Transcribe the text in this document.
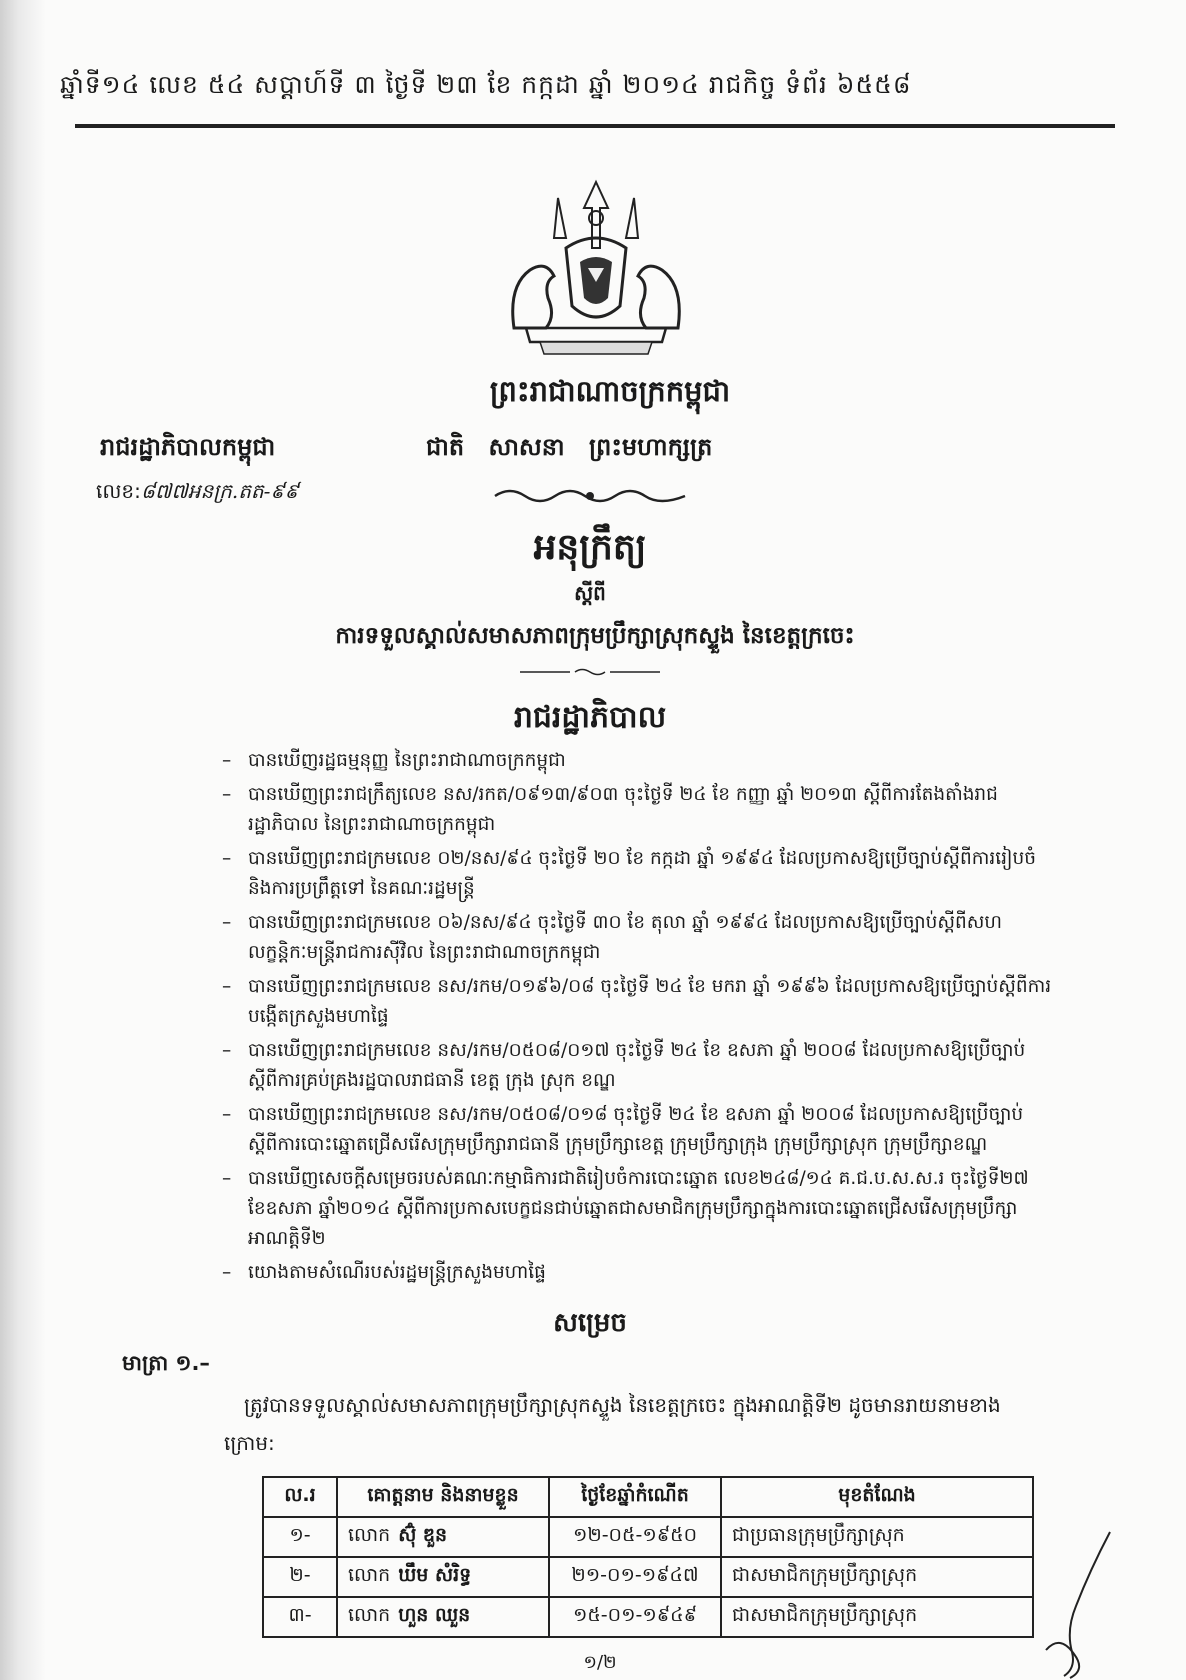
ឆ្នាំទី១៤ លេខ ៥៤ សប្តាហ៍ទី ៣ ថ្ងៃទី ២៣ ខែ កក្កដា ឆ្នាំ ២០១៤ រាជកិច្ច ទំព័រ ៦៥៥៨
ព្រះរាជាណាចក្រកម្ពុជា
រាជរដ្ឋាភិបាលកម្ពុជា	ជាតិ សាសនា ព្រះមហាក្សត្រ
លេខ:៨៧៧អនក្រ.តត-៩៩
អនុក្រឹត្យ
ស្តីពី
ការទទួលស្គាល់សមាសភាពក្រុមប្រឹក្សាស្រុកស្ទួង នៃខេត្តក្រចេះ
រាជរដ្ឋាភិបាល
– បានឃើញរដ្ឋធម្មនុញ្ញ នៃព្រះរាជាណាចក្រកម្ពុជា
– បានឃើញព្រះរាជក្រឹត្យលេខ នស/រកត/០៩១៣/៩០៣ ចុះថ្ងៃទី ២៤ ខែ កញ្ញា ឆ្នាំ ២០១៣ ស្តីពីការតែងតាំងរាជរដ្ឋាភិបាល នៃព្រះរាជាណាចក្រកម្ពុជា
– បានឃើញព្រះរាជក្រមលេខ ០២/នស/៩៤ ចុះថ្ងៃទី ២០ ខែ កក្កដា ឆ្នាំ ១៩៩៤ ដែលប្រកាសឱ្យប្រើច្បាប់ស្តីពីការរៀបចំ និងការប្រព្រឹត្តទៅ នៃគណៈរដ្ឋមន្ត្រី
– បានឃើញព្រះរាជក្រមលេខ ០៦/នស/៩៤ ចុះថ្ងៃទី ៣០ ខែ តុលា ឆ្នាំ ១៩៩៤ ដែលប្រកាសឱ្យប្រើច្បាប់ស្តីពីសហលក្ខន្តិកៈមន្ត្រីរាជការស៊ីវិល នៃព្រះរាជាណាចក្រកម្ពុជា
– បានឃើញព្រះរាជក្រមលេខ នស/រកម/០១៩៦/០៨ ចុះថ្ងៃទី ២៤ ខែ មករា ឆ្នាំ ១៩៩៦ ដែលប្រកាសឱ្យប្រើច្បាប់ស្តីពីការបង្កើតក្រសួងមហាផ្ទៃ
– បានឃើញព្រះរាជក្រមលេខ នស/រកម/០៥០៨/០១៧ ចុះថ្ងៃទី ២៤ ខែ ឧសភា ឆ្នាំ ២០០៨ ដែលប្រកាសឱ្យប្រើច្បាប់ស្តីពីការគ្រប់គ្រងរដ្ឋបាលរាជធានី ខេត្ត ក្រុង ស្រុក ខណ្ឌ
– បានឃើញព្រះរាជក្រមលេខ នស/រកម/០៥០៨/០១៨ ចុះថ្ងៃទី ២៤ ខែ ឧសភា ឆ្នាំ ២០០៨ ដែលប្រកាសឱ្យប្រើច្បាប់ស្តីពីការបោះឆ្នោតជ្រើសរើសក្រុមប្រឹក្សារាជធានី ក្រុមប្រឹក្សាខេត្ត ក្រុមប្រឹក្សាក្រុង ក្រុមប្រឹក្សាស្រុក ក្រុមប្រឹក្សាខណ្ឌ
– បានឃើញសេចក្តីសម្រេចរបស់គណៈកម្មាធិការជាតិរៀបចំការបោះឆ្នោត លេខ២៤៨/១៤ គ.ជ.ប.ស.ស.រ ចុះថ្ងៃទី២៧ ខែឧសភា ឆ្នាំ២០១៤ ស្តីពីការប្រកាសបេក្ខជនជាប់ឆ្នោតជាសមាជិកក្រុមប្រឹក្សាក្នុងការបោះឆ្នោតជ្រើសរើសក្រុមប្រឹក្សា អាណត្តិទី២
– យោងតាមសំណើរបស់រដ្ឋមន្ត្រីក្រសួងមហាផ្ទៃ
សម្រេច
មាត្រា ១.–
ត្រូវបានទទួលស្គាល់សមាសភាពក្រុមប្រឹក្សាស្រុកស្ទួង នៃខេត្តក្រចេះ ក្នុងអាណត្តិទី២ ដូចមានរាយនាមខាងក្រោម:
ល.រ	គោត្តនាម និងនាមខ្លួន	ថ្ងៃខែឆ្នាំកំណើត	មុខតំណែង
១-	លោក ស៊ុំ ឌួន	១២-០៥-១៩៥០	ជាប្រធានក្រុមប្រឹក្សាស្រុក
២-	លោក ឃឹម សំរិទ្ធ	២១-០១-១៩៤៧	ជាសមាជិកក្រុមប្រឹក្សាស្រុក
៣-	លោក ហួន ឈួន	១៥-០១-១៩៤៩	ជាសមាជិកក្រុមប្រឹក្សាស្រុក
១/២
